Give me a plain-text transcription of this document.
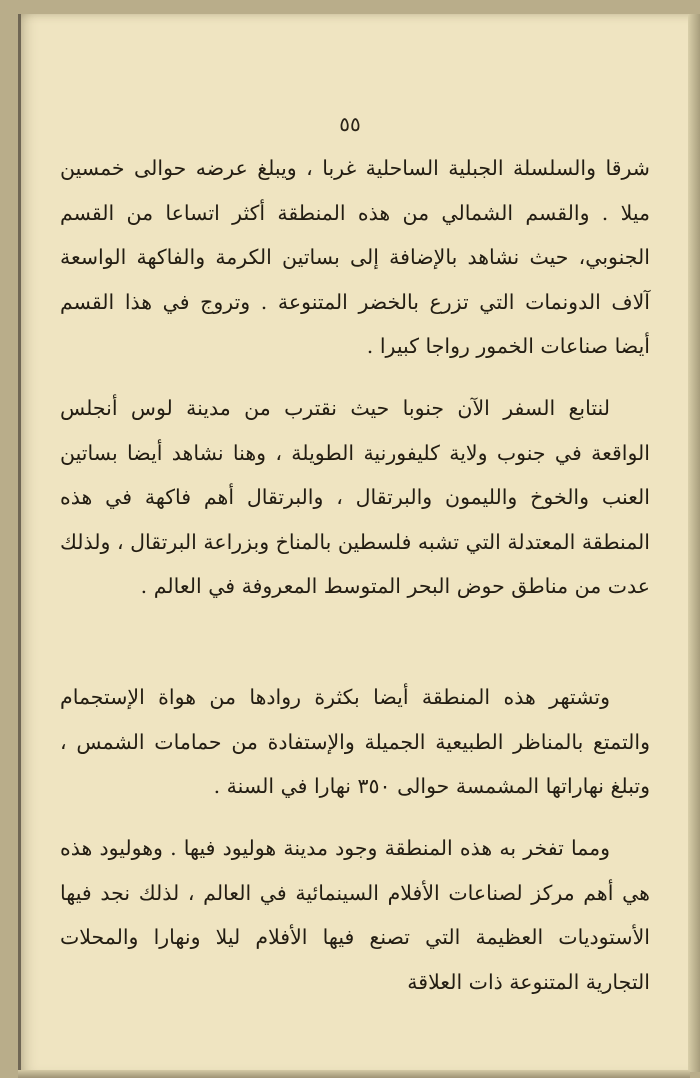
٥٥

شرقا والسلسلة الجبلية الساحلية غربا ، ويبلغ عرضه حوالى خمسين ميلا . والقسم الشمالي من هذه المنطقة أكثر اتساعا من القسم الجنوبي، حيث نشاهد بالإضافة إلى بساتين الكرمة والفاكهة الواسعة آلاف الدونمات التي تزرع بالخضر المتنوعة . وتروج في هذا القسم أيضا صناعات الخمور رواجا كبيرا .

لنتابع السفر الآن جنوبا حيث نقترب من مدينة لوس أنجلس الواقعة في جنوب ولاية كليفورنية الطويلة ، وهنا نشاهد أيضا بساتين العنب والخوخ والليمون والبرتقال ، والبرتقال أهم فاكهة في هذه المنطقة المعتدلة التي تشبه فلسطين بالمناخ وبزراعة البرتقال ، ولذلك عدت من مناطق حوض البحر المتوسط المعروفة في العالم .

وتشتهر هذه المنطقة أيضا بكثرة روادها من هواة الإستجمام والتمتع بالمناظر الطبيعية الجميلة والإستفادة من حمامات الشمس ، وتبلغ نهاراتها المشمسة حوالى ٣٥٠ نهارا في السنة .

ومما تفخر به هذه المنطقة وجود مدينة هوليود فيها . وهوليود هذه هي أهم مركز لصناعات الأفلام السينمائية في العالم ، لذلك نجد فيها الأستوديات العظيمة التي تصنع فيها الأفلام ليلا ونهارا والمحلات التجارية المتنوعة ذات العلاقة
